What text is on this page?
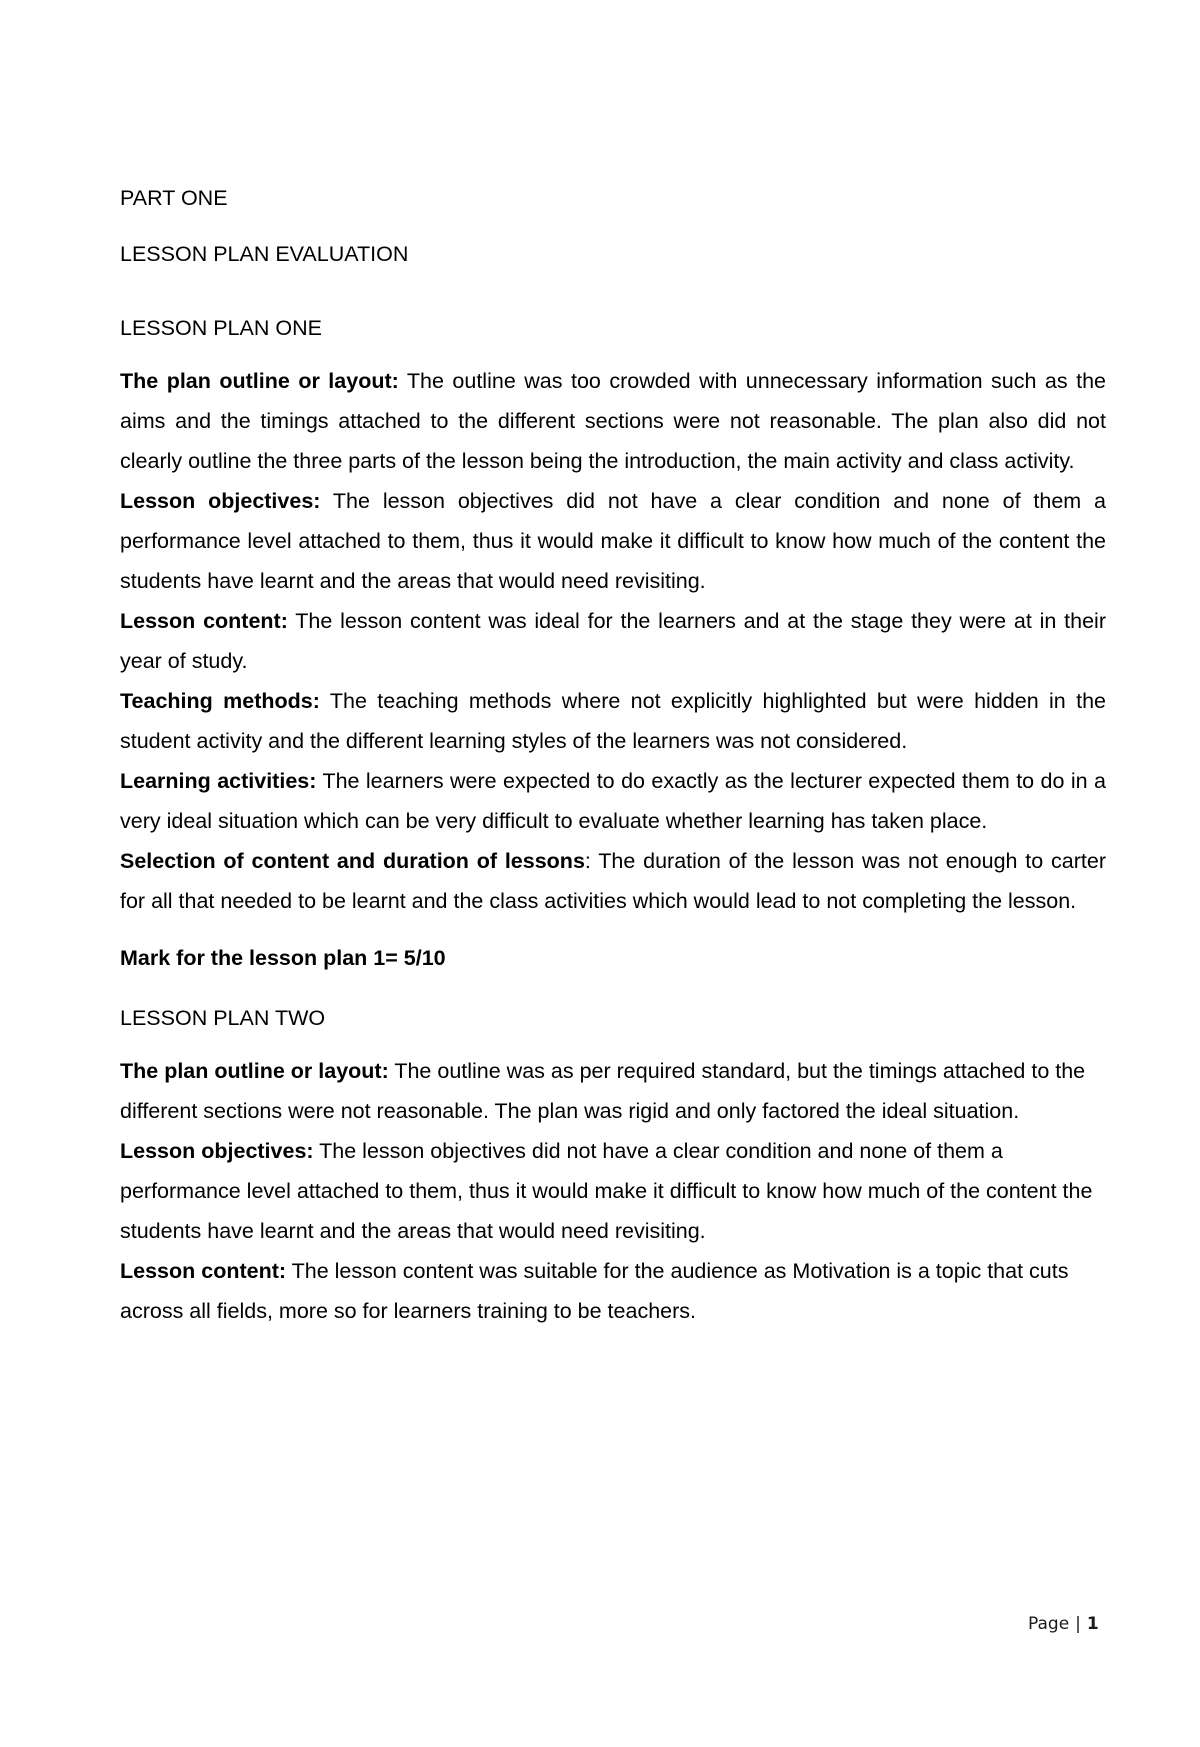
PART ONE
LESSON PLAN EVALUATION
LESSON PLAN ONE

The plan outline or layout: The outline was too crowded with unnecessary information such as the aims and the timings attached to the different sections were not reasonable. The plan also did not clearly outline the three parts of the lesson being the introduction, the main activity and class activity.

Lesson objectives: The lesson objectives did not have a clear condition and none of them a performance level attached to them, thus it would make it difficult to know how much of the content the students have learnt and the areas that would need revisiting.

Lesson content: The lesson content was ideal for the learners and at the stage they were at in their year of study.

Teaching methods: The teaching methods where not explicitly highlighted but were hidden in the student activity and the different learning styles of the learners was not considered.

Learning activities: The learners were expected to do exactly as the lecturer expected them to do in a very ideal situation which can be very difficult to evaluate whether learning has taken place.

Selection of content and duration of lessons: The duration of the lesson was not enough to carter for all that needed to be learnt and the class activities which would lead to not completing the lesson.

Mark for the lesson plan 1= 5/10
LESSON PLAN TWO

The plan outline or layout: The outline was as per required standard, but the timings attached to the different sections were not reasonable. The plan was rigid and only factored the ideal situation.

Lesson objectives: The lesson objectives did not have a clear condition and none of them a performance level attached to them, thus it would make it difficult to know how much of the content the students have learnt and the areas that would need revisiting.

Lesson content: The lesson content was suitable for the audience as Motivation is a topic that cuts across all fields, more so for learners training to be teachers.

Page | 1
